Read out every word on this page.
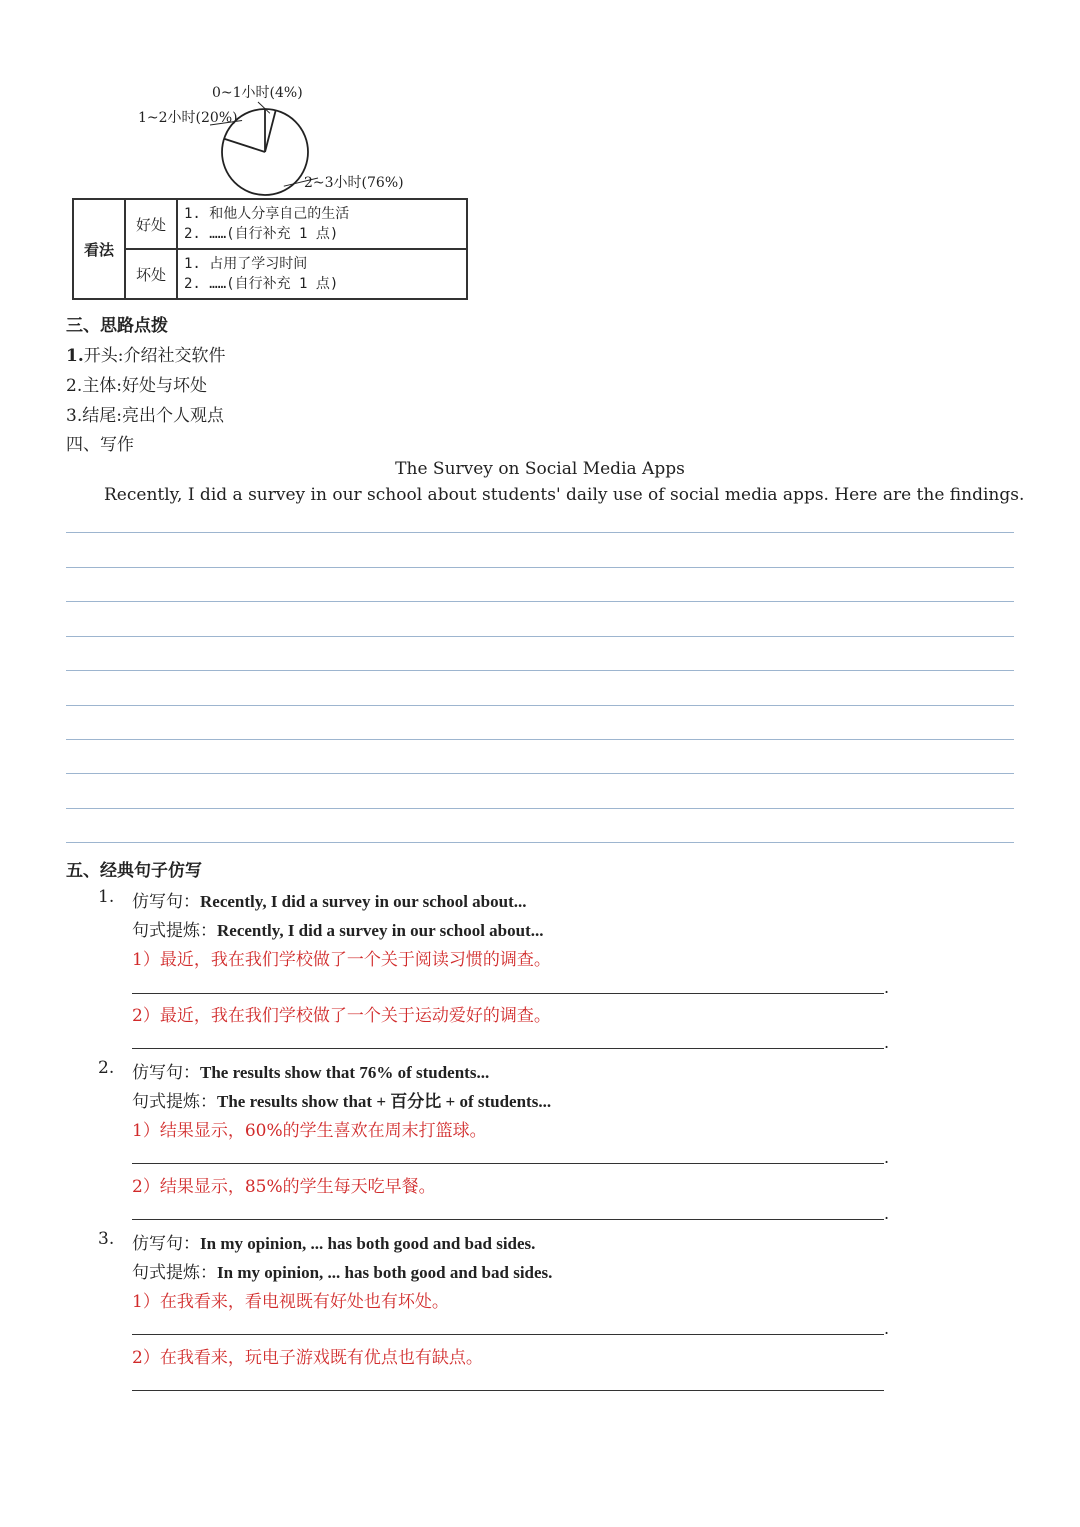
0~1小时(4%)
1~2小时(20%)
2~3小时(76%)
看法	好处	1. 和他人分享自己的生活
2. ……(自行补充 1 点)

	坏处	1. 占用了学习时间
2. ……(自行补充 1 点)
三、思路点拨
1.开头:介绍社交软件
2.主体:好处与坏处
3.结尾:亮出个人观点
四、写作
The Survey on Social Media Apps
Recently, I did a survey in our school about students' daily use of social media apps. Here are the findings.
五、经典句子仿写
1. 仿写句：Recently, I did a survey in our school about...
句式提炼：Recently, I did a survey in our school about...
1）最近，我在我们学校做了一个关于阅读习惯的调查。
.
2）最近，我在我们学校做了一个关于运动爱好的调查。
.
2. 仿写句：The results show that 76% of students...
句式提炼：The results show that + 百分比 + of students...
1）结果显示，60%的学生喜欢在周末打篮球。
.
2）结果显示，85%的学生每天吃早餐。
.
3. 仿写句：In my opinion, ... has both good and bad sides.
句式提炼：In my opinion, ... has both good and bad sides.
1）在我看来，看电视既有好处也有坏处。
.
2）在我看来，玩电子游戏既有优点也有缺点。
